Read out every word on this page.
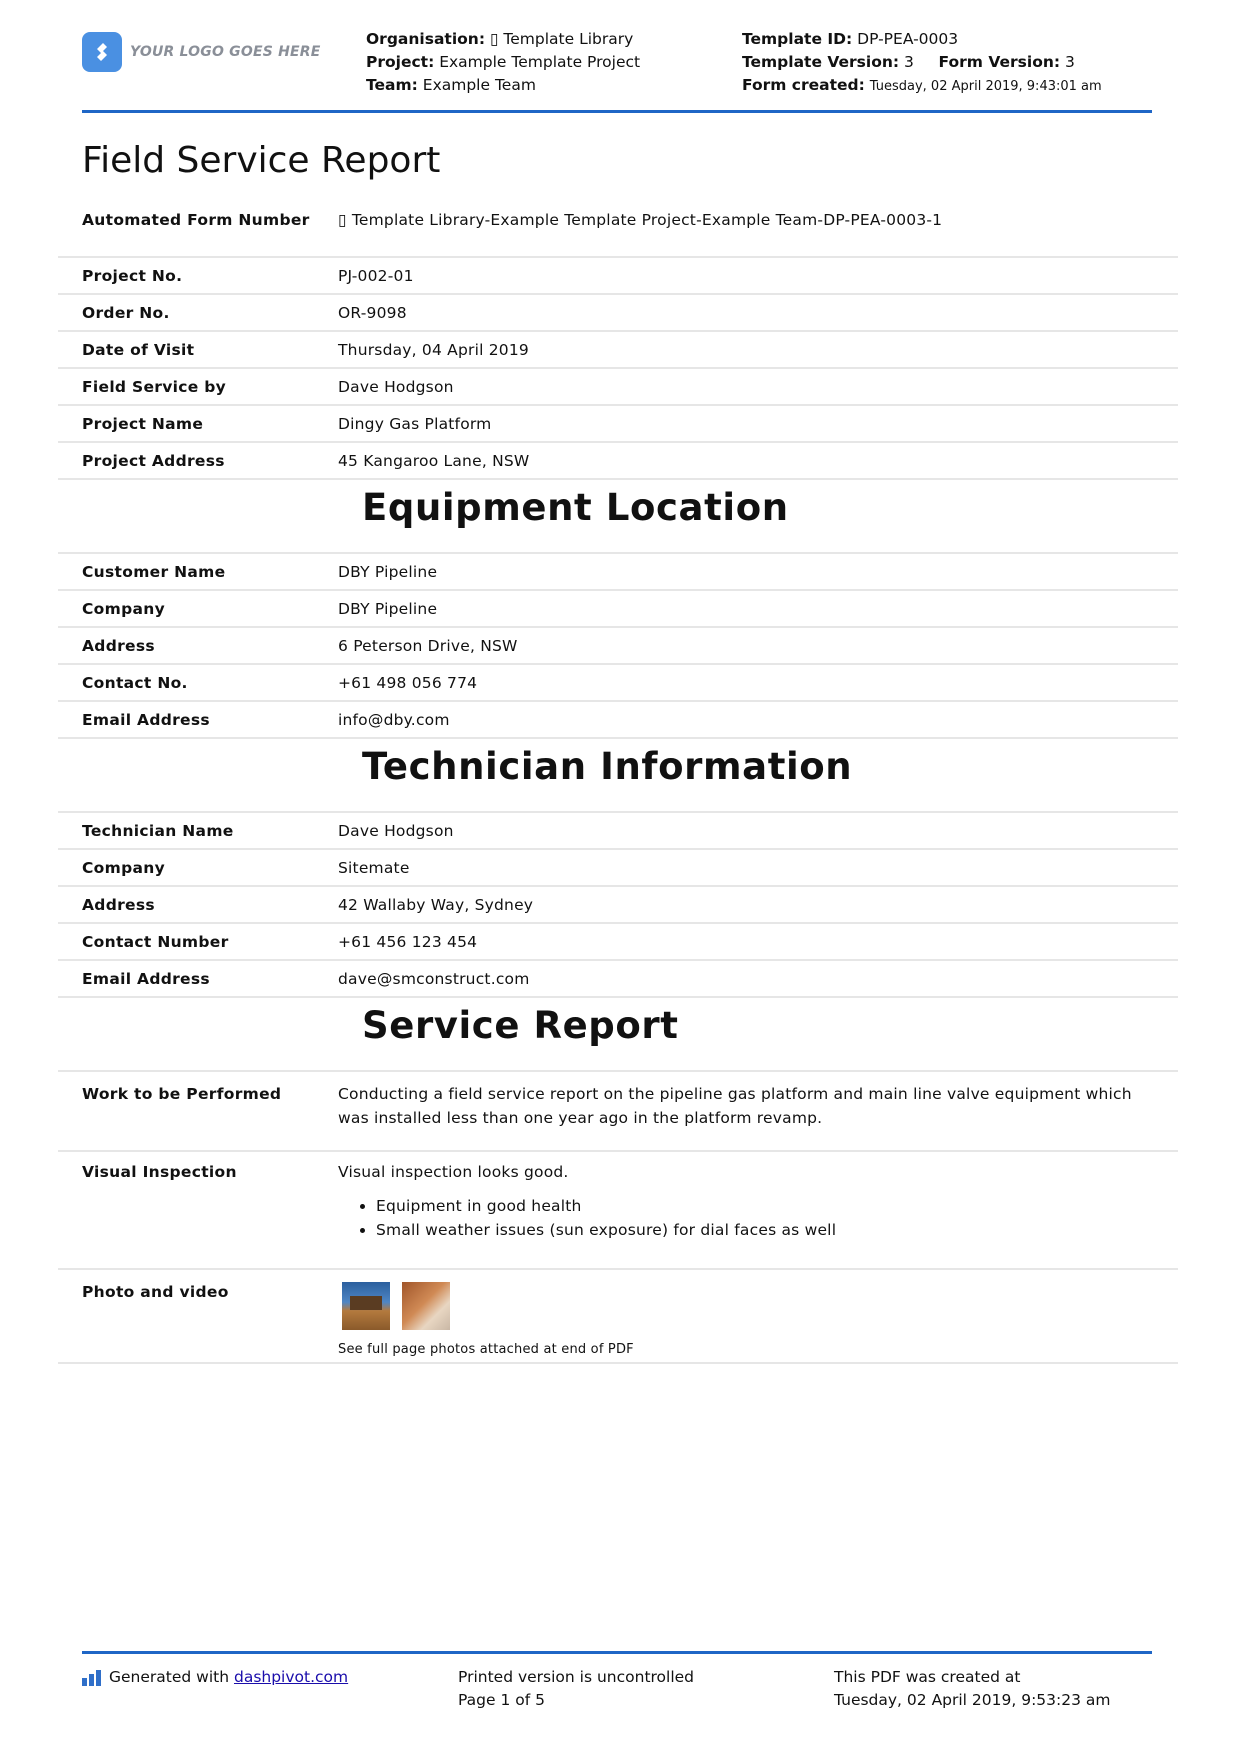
YOUR LOGO GOES HERE
Organisation: ▯ Template Library
Project: Example Template Project
Team: Example Team
Template ID: DP-PEA-0003
Template Version: 3 Form Version: 3
Form created: Tuesday, 02 April 2019, 9:43:01 am
Field Service Report
Automated Form Number	▯ Template Library-Example Template Project-Example Team-DP-PEA-0003-1
Project No.	PJ-002-01
Order No.	OR-9098
Date of Visit	Thursday, 04 April 2019
Field Service by	Dave Hodgson
Project Name	Dingy Gas Platform
Project Address	45 Kangaroo Lane, NSW
Equipment Location
Customer Name	DBY Pipeline
Company	DBY Pipeline
Address	6 Peterson Drive, NSW
Contact No.	+61 498 056 774
Email Address	info@dby.com
Technician Information
Technician Name	Dave Hodgson
Company	Sitemate
Address	42 Wallaby Way, Sydney
Contact Number	+61 456 123 454
Email Address	dave@smconstruct.com
Service Report
Work to be Performed	Conducting a field service report on the pipeline gas platform and main line valve equipment which was installed less than one year ago in the platform revamp.
Visual Inspection	Visual inspection looks good.
• Equipment in good health
• Small weather issues (sun exposure) for dial faces as well
Photo and video
See full page photos attached at end of PDF
Generated with dashpivot.com	Printed version is uncontrolled
Page 1 of 5
This PDF was created at
Tuesday, 02 April 2019, 9:53:23 am
